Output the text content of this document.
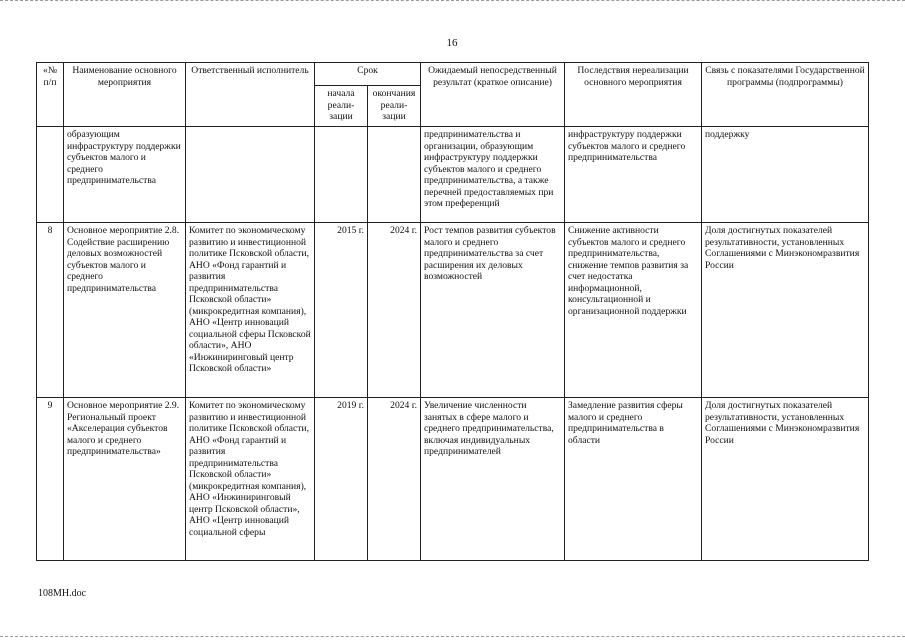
16
«№ п/п	Наименование основного мероприятия	Ответственный исполнитель	Срок		Ожидаемый непосредственный результат (краткое описание)	Последствия нереализации основного мероприятия	Связь с показателями Государственной программы (подпрограммы)
			начала реали-зации	окончания реали-зации			
	образующим инфраструктуру поддержки субъектов малого и среднего предпринимательства				предпринимательства и организации, образующим инфраструктуру поддержки субъектов малого и среднего предпринимательства, а также перечней предоставляемых при этом преференций	инфраструктуру поддержки субъектов малого и среднего предпринимательства	поддержку
8	Основное мероприятие 2.8. Содействие расширению деловых возможностей субъектов малого и среднего предпринимательства	Комитет по экономическому развитию и инвестиционной политике Псковской области, АНО «Фонд гарантий и развития предпринимательства Псковской области» (микрокредитная компания), АНО «Центр инноваций социальной сферы Псковской области», АНО «Инжиниринговый центр Псковской области»	2015 г.	2024 г.	Рост темпов развития субъектов малого и среднего предпринимательства за счет расширения их деловых возможностей	Снижение активности субъектов малого и среднего предпринимательства, снижение темпов развития за счет недостатка информационной, консультационной и организационной поддержки	Доля достигнутых показателей результативности, установленных Соглашениями с Минэкономразвития России
9	Основное мероприятие 2.9. Региональный проект «Акселерация субъектов малого и среднего предпринимательства»	Комитет по экономическому развитию и инвестиционной политике Псковской области, АНО «Фонд гарантий и развития предпринимательства Псковской области» (микрокредитная компания), АНО «Инжиниринговый центр Псковской области», АНО «Центр инноваций социальной сферы	2019 г.	2024 г.	Увеличение численности занятых в сфере малого и среднего предпринимательства, включая индивидуальных предпринимателей	Замедление развития сферы малого и среднего предпринимательства в области	Доля достигнутых показателей результативности, установленных Соглашениями с Минэкономразвития России
108МН.doc
